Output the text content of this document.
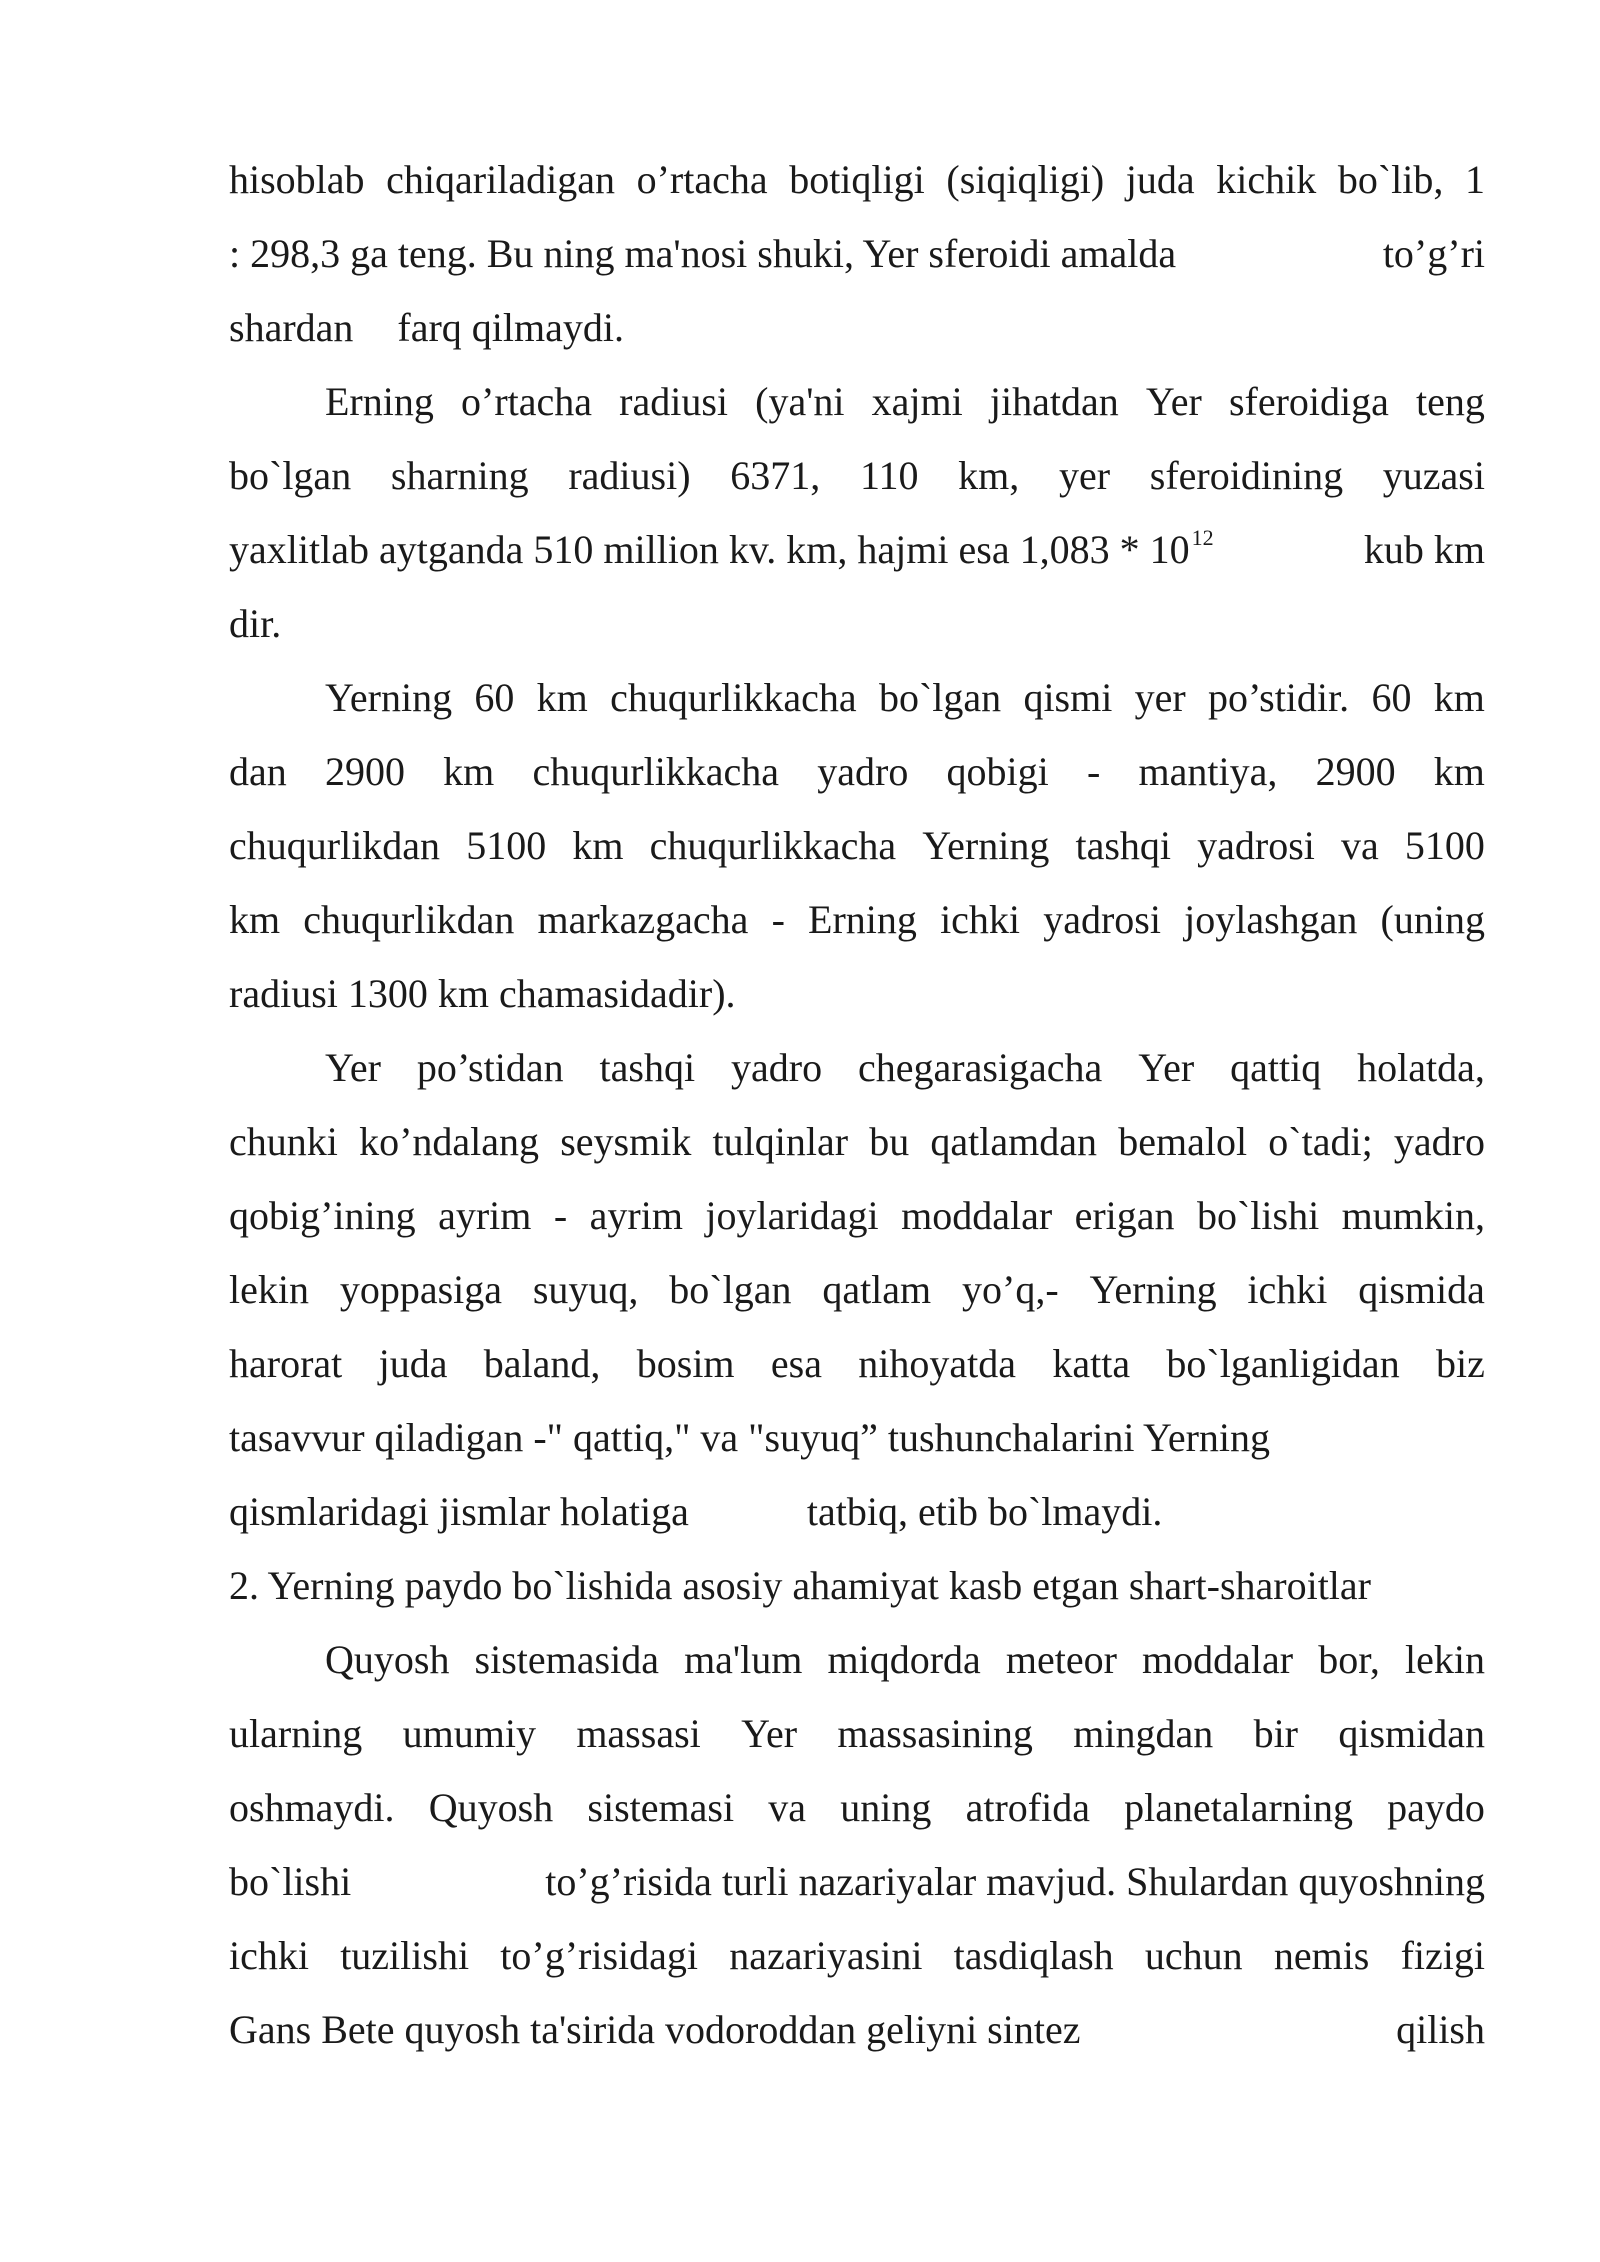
hisoblab chiqariladigan o’rtacha botiqligi (siqiqligi) juda kichik bo`lib, 1

: 298,3 ga teng. Bu ning ma'nosi shuki, Yer sferoidi amalda	to’g’ri

shardan farq qilmaydi.

Erning o’rtacha radiusi (ya'ni xajmi jihatdan Yer sferoidiga teng

bo`lgan sharning radiusi) 6371, 110 km, yer sferoidining yuzasi

yaxlitlab aytganda 510 million kv. km, hajmi esa $1,083 * 10^{12}$	kub km

dir.

Yerning 60 km chuqurlikkacha bo`lgan qismi yer po’stidir. 60 km

dan 2900 km chuqurlikkacha yadro qobigi - mantiya, 2900 km

chuqurlikdan 5100 km chuqurlikkacha Yerning tashqi yadrosi va 5100

km chuqurlikdan markazgacha - Erning ichki yadrosi joylashgan (uning

radiusi 1300 km chamasidadir).

Yer po’stidan tashqi yadro chegarasigacha Yer qattiq holatda,

chunki ko’ndalang seysmik tulqinlar bu qatlamdan bemalol o`tadi; yadro

qobig’ining ayrim - ayrim joylaridagi moddalar erigan bo`lishi mumkin,

lekin yoppasiga suyuq, bo`lgan qatlam yo’q,- Yerning ichki qismida

harorat juda baland, bosim esa nihoyatda katta bo`lganligidan biz

tasavvur qiladigan -" qattiq," va "suyuq” tushunchalarini Yerning

qismlaridagi jismlar holatiga	tatbiq, etib bo`lmaydi.

2. Yerning paydo bo`lishida asosiy ahamiyat kasb etgan shart-sharoitlar

Quyosh sistemasida ma'lum miqdorda meteor moddalar bor, lekin

ularning umumiy massasi Yer massasining mingdan bir qismidan

oshmaydi. Quyosh sistemasi va uning atrofida planetalarning paydo

bo`lishi	to’g’risida turli nazariyalar mavjud. Shulardan quyoshning

ichki tuzilishi to’g’risidagi nazariyasini tasdiqlash uchun nemis fizigi

Gans Bete quyosh ta'sirida vodoroddan geliyni sintez	qilish
